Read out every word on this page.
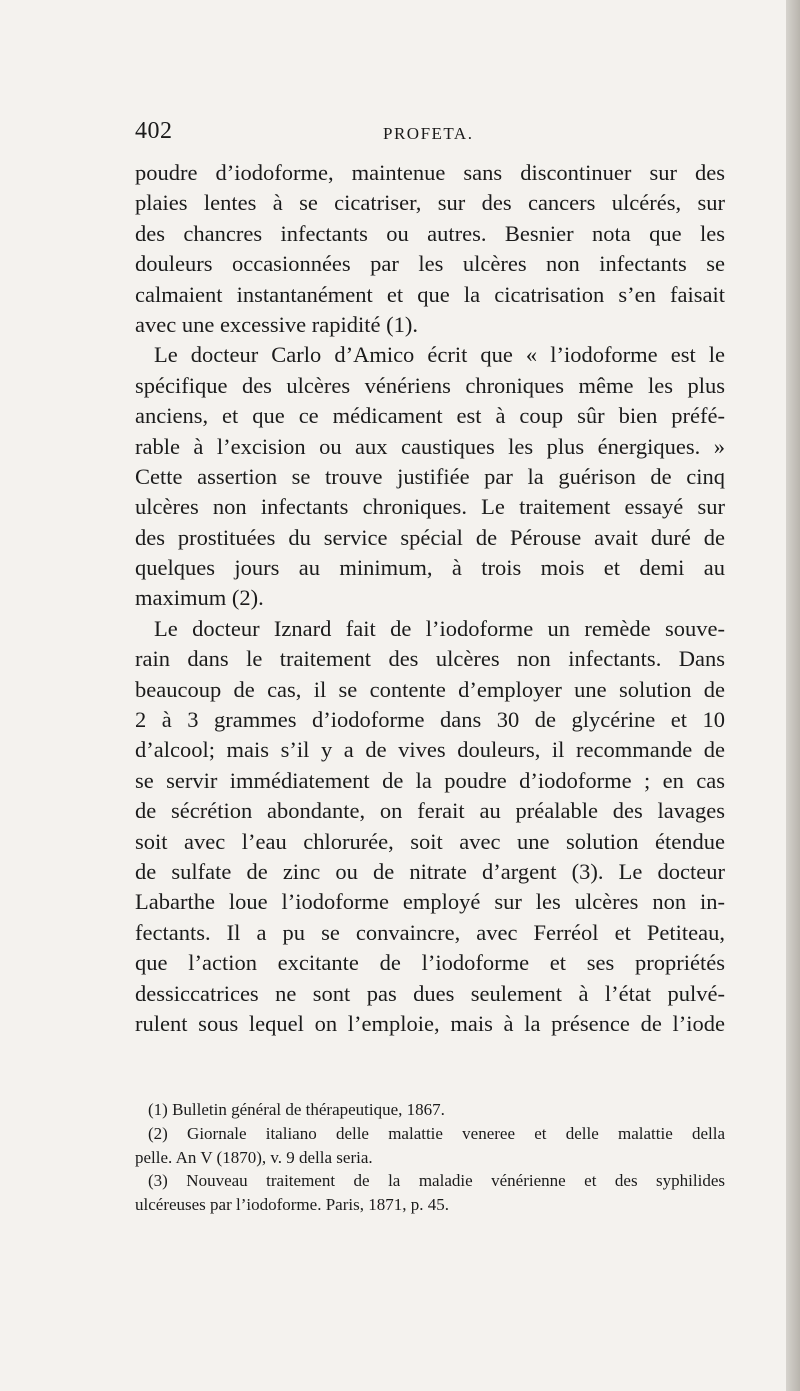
402	PROFETA.
poudre d’iodoforme, maintenue sans discontinuer sur des
plaies lentes à se cicatriser, sur des cancers ulcérés, sur
des chancres infectants ou autres. Besnier nota que les
douleurs occasionnées par les ulcères non infectants se
calmaient instantanément et que la cicatrisation s’en faisait
avec une excessive rapidité (1).
Le docteur Carlo d’Amico écrit que « l’iodoforme est le
spécifique des ulcères vénériens chroniques même les plus
anciens, et que ce médicament est à coup sûr bien préfé-
rable à l’excision ou aux caustiques les plus énergiques. »
Cette assertion se trouve justifiée par la guérison de cinq
ulcères non infectants chroniques. Le traitement essayé sur
des prostituées du service spécial de Pérouse avait duré de
quelques jours au minimum, à trois mois et demi au
maximum (2).
Le docteur Iznard fait de l’iodoforme un remède souve-
rain dans le traitement des ulcères non infectants. Dans
beaucoup de cas, il se contente d’employer une solution de
2 à 3 grammes d’iodoforme dans 30 de glycérine et 10
d’alcool; mais s’il y a de vives douleurs, il recommande de
se servir immédiatement de la poudre d’iodoforme ; en cas
de sécrétion abondante, on ferait au préalable des lavages
soit avec l’eau chlorurée, soit avec une solution étendue
de sulfate de zinc ou de nitrate d’argent (3). Le docteur
Labarthe loue l’iodoforme employé sur les ulcères non in-
fectants. Il a pu se convaincre, avec Ferréol et Petiteau,
que l’action excitante de l’iodoforme et ses propriétés
dessiccatrices ne sont pas dues seulement à l’état pulvé-
rulent sous lequel on l’emploie, mais à la présence de l’iode
(1) Bulletin général de thérapeutique, 1867.
(2) Giornale italiano delle malattie veneree et delle malattie della
pelle. An V (1870), v. 9 della seria.
(3) Nouveau traitement de la maladie vénérienne et des syphilides
ulcéreuses par l’iodoforme. Paris, 1871, p. 45.
